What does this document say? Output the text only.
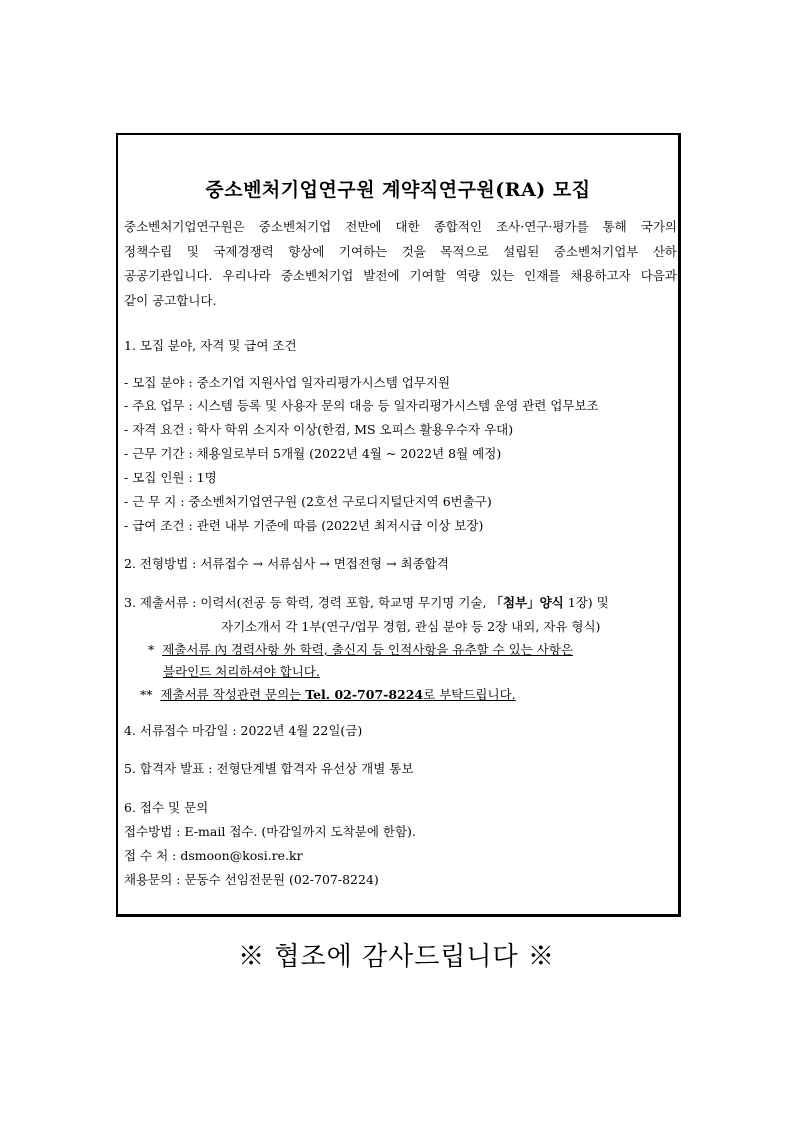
중소벤처기업연구원 계약직연구원(RA) 모집
중소벤처기업연구원은 중소벤처기업 전반에 대한 종합적인 조사·연구·평가를 통해 국가의
정책수립 및 국제경쟁력 향상에 기여하는 것을 목적으로 설립된 중소벤처기업부 산하
공공기관입니다. 우리나라 중소벤처기업 발전에 기여할 역량 있는 인재를 채용하고자 다음과
같이 공고합니다.
1. 모집 분야, 자격 및 급여 조건
- 모집 분야 : 중소기업 지원사업 일자리평가시스템 업무지원
- 주요 업무 : 시스템 등록 및 사용자 문의 대응 등 일자리평가시스템 운영 관련 업무보조
- 자격 요건 : 학사 학위 소지자 이상(한컴, MS 오피스 활용우수자 우대)
- 근무 기간 : 채용일로부터 5개월 (2022년 4월 ~ 2022년 8월 예정)
- 모집 인원 : 1명
- 근 무 지 : 중소벤처기업연구원 (2호선 구로디지털단지역 6번출구)
- 급여 조건 : 관련 내부 기준에 따름 (2022년 최저시급 이상 보장)
2. 전형방법 : 서류접수 → 서류심사 → 면접전형 → 최종합격
3. 제출서류 : 이력서(전공 등 학력, 경력 포함, 학교명 무기명 기술, 「첨부」양식 1장) 및
자기소개서 각 1부(연구/업무 경험, 관심 분야 등 2장 내외, 자유 형식)
* 제출서류 內 경력사항 外 학력, 출신지 등 인적사항을 유추할 수 있는 사항은
블라인드 처리하셔야 합니다.
** 제출서류 작성관련 문의는 Tel. 02-707-8224로 부탁드립니다.
4. 서류접수 마감일 : 2022년 4월 22일(금)
5. 합격자 발표 : 전형단계별 합격자 유선상 개별 통보
6. 접수 및 문의
접수방법 : E-mail 접수. (마감일까지 도착분에 한함).
접 수 처 : dsmoon@kosi.re.kr
채용문의 : 문동수 선임전문원 (02-707-8224)
※ 협조에 감사드립니다 ※
